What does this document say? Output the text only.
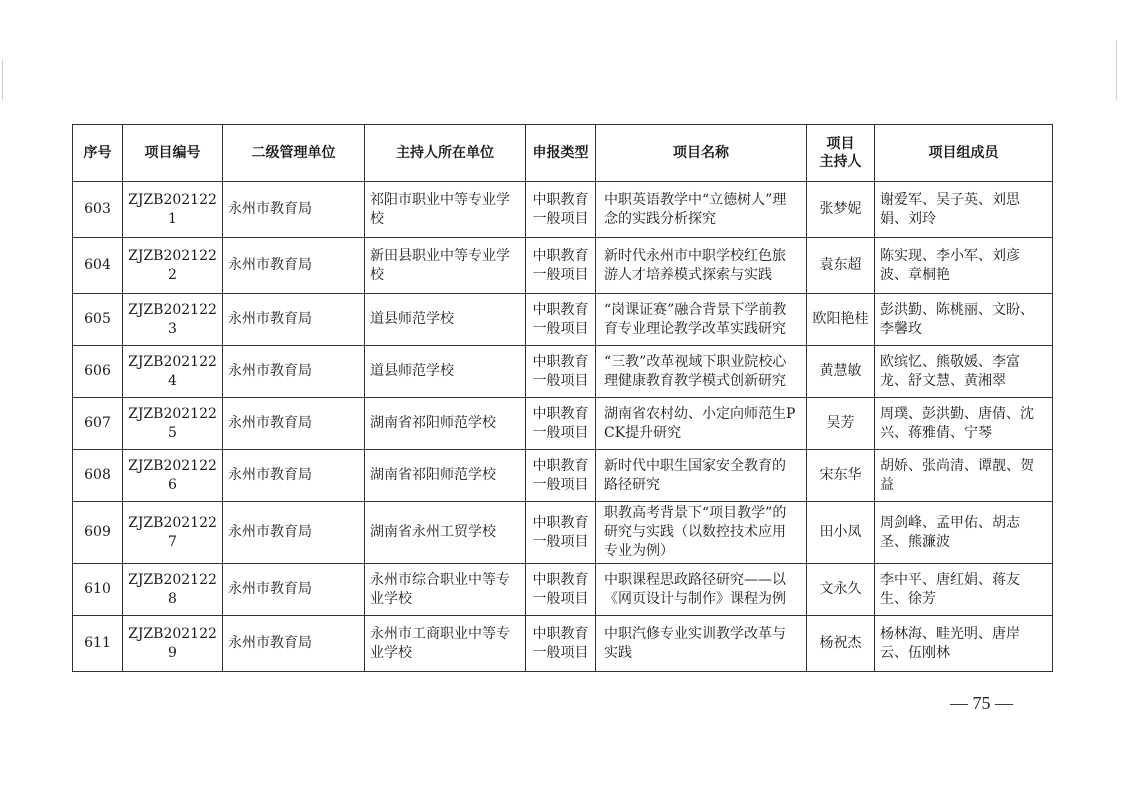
序号	项目编号	二级管理单位	主持人所在单位	申报类型	项目名称	项目
主持人	项目组成员
603	ZJZB2021221	永州市教育局	祁阳市职业中等专业学校	中职教育一般项目	中职英语教学中“立德树人”理念的实践分析探究	张梦妮	谢爱军、吴子英、刘思娟、刘玲
604	ZJZB2021222	永州市教育局	新田县职业中等专业学校	中职教育一般项目	新时代永州市中职学校红色旅游人才培养模式探索与实践	袁东超	陈实现、李小军、刘彦波、章桐艳
605	ZJZB2021223	永州市教育局	道县师范学校	中职教育一般项目	“岗课证赛”融合背景下学前教育专业理论教学改革实践研究	欧阳艳桂	彭洪勤、陈桃丽、文盼、李馨玫
606	ZJZB2021224	永州市教育局	道县师范学校	中职教育一般项目	“三教”改革视域下职业院校心理健康教育教学模式创新研究	黄慧敏	欧缤忆、熊敬媛、李富龙、舒文慧、黄湘翠
607	ZJZB2021225	永州市教育局	湖南省祁阳师范学校	中职教育一般项目	湖南省农村幼、小定向师范生PCK提升研究	吴芳	周璞、彭洪勤、唐倩、沈兴、蒋雅倩、宁琴
608	ZJZB2021226	永州市教育局	湖南省祁阳师范学校	中职教育一般项目	新时代中职生国家安全教育的路径研究	宋东华	胡娇、张尚清、谭靓、贺益
609	ZJZB2021227	永州市教育局	湖南省永州工贸学校	中职教育一般项目	职教高考背景下“项目教学”的研究与实践（以数控技术应用专业为例）	田小凤	周剑峰、孟甲佑、胡志圣、熊濂波
610	ZJZB2021228	永州市教育局	永州市综合职业中等专业学校	中职教育一般项目	中职课程思政路径研究——以《网页设计与制作》课程为例	文永久	李中平、唐红娟、蒋友生、徐芳
611	ZJZB2021229	永州市教育局	永州市工商职业中等专业学校	中职教育一般项目	中职汽修专业实训教学改革与实践	杨祝杰	杨林海、畦光明、唐岸云、伍刚林
— 75 —
